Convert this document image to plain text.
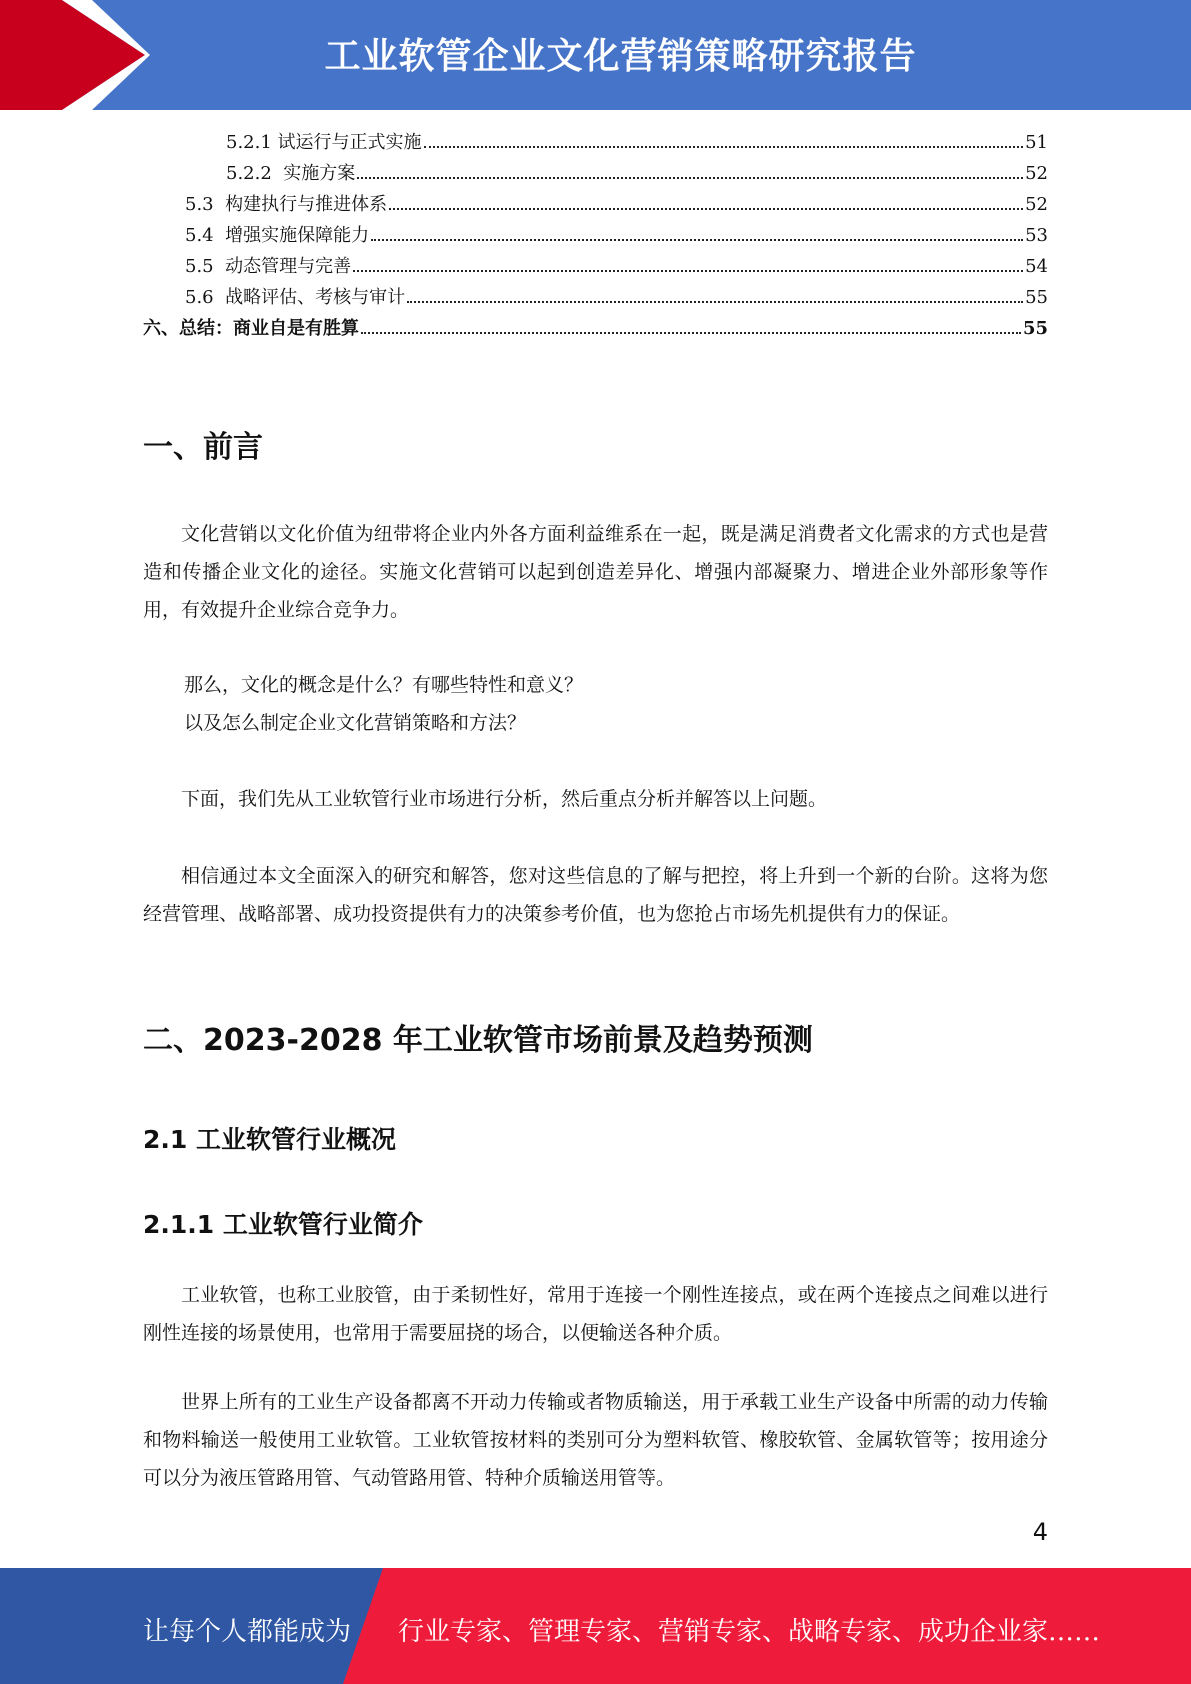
工业软管企业文化营销策略研究报告
5.2.1 试运行与正式实施	51
5.2.2  实施方案	52
5.3  构建执行与推进体系	52
5.4  增强实施保障能力	53
5.5  动态管理与完善	54
5.6  战略评估、考核与审计	55
六、总结：商业自是有胜算	55
一、前言

文化营销以文化价值为纽带将企业内外各方面利益维系在一起，既是满足消费者文化需求的方式也是营造和传播企业文化的途径。实施文化营销可以起到创造差异化、增强内部凝聚力、增进企业外部形象等作用，有效提升企业综合竞争力。

那么，文化的概念是什么？有哪些特性和意义？

以及怎么制定企业文化营销策略和方法？

下面，我们先从工业软管行业市场进行分析，然后重点分析并解答以上问题。

相信通过本文全面深入的研究和解答，您对这些信息的了解与把控，将上升到一个新的台阶。这将为您经营管理、战略部署、成功投资提供有力的决策参考价值，也为您抢占市场先机提供有力的保证。

二、2023-2028 年工业软管市场前景及趋势预测
2.1 工业软管行业概况
2.1.1 工业软管行业简介

工业软管，也称工业胶管，由于柔韧性好，常用于连接一个刚性连接点，或在两个连接点之间难以进行刚性连接的场景使用，也常用于需要屈挠的场合，以便输送各种介质。

世界上所有的工业生产设备都离不开动力传输或者物质输送，用于承载工业生产设备中所需的动力传输和物料输送一般使用工业软管。工业软管按材料的类别可分为塑料软管、橡胶软管、金属软管等；按用途分可以分为液压管路用管、气动管路用管、特种介质输送用管等。

4
让每个人都能成为 行业专家、管理专家、营销专家、战略专家、成功企业家……
